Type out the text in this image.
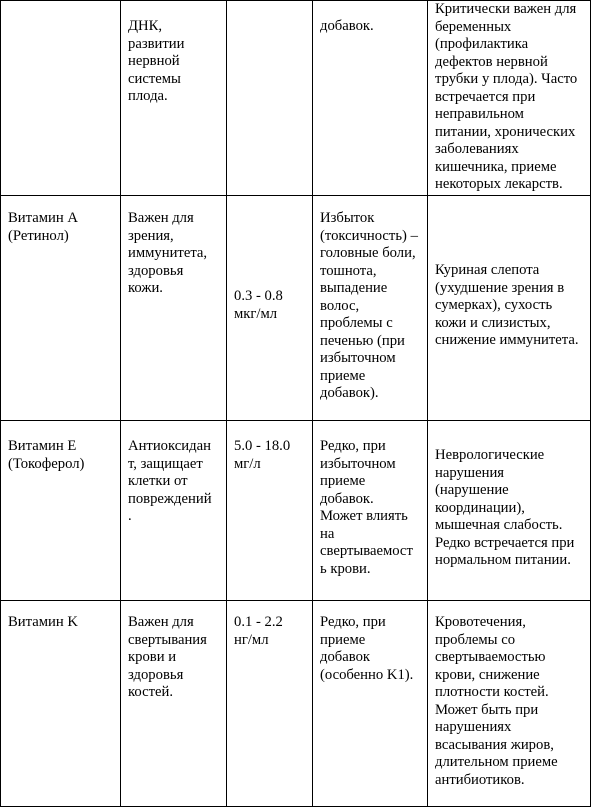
ДНК,
развитии
нервной
системы
плода.
добавок.
Критически важен для
беременных
(профилактика
дефектов нервной
трубки у плода). Часто
встречается при
неправильном
питании, хронических
заболеваниях
кишечника, приеме
некоторых лекарств.
Витамин А
(Ретинол)
Важен для
зрения,
иммунитета,
здоровья
кожи.	0.3 - 0.8
мкг/мл
Избыток
(токсичность) –
головные боли,
тошнота,
выпадение
волос,
проблемы с
печенью (при
избыточном
приеме
добавок).
Куриная слепота
(ухудшение зрения в
сумерках), сухость
кожи и слизистых,
снижение иммунитета.
Витамин Е
(Токоферол)
Антиоксидан
т, защищает
клетки от
повреждений
.
5.0 - 18.0
мг/л
Редко, при
избыточном
приеме
добавок.
Может влиять
на
свертываемост
ь крови.
Неврологические
нарушения
(нарушение
координации),
мышечная слабость.
Редко встречается при
нормальном питании.
Витамин K	Важен для
свертывания
крови и
здоровья
костей.
0.1 - 2.2
нг/мл
Редко, при
приеме
добавок
(особенно K1).
Кровотечения,
проблемы со
свертываемостью
крови, снижение
плотности костей.
Может быть при
нарушениях
всасывания жиров,
длительном приеме
антибиотиков.
